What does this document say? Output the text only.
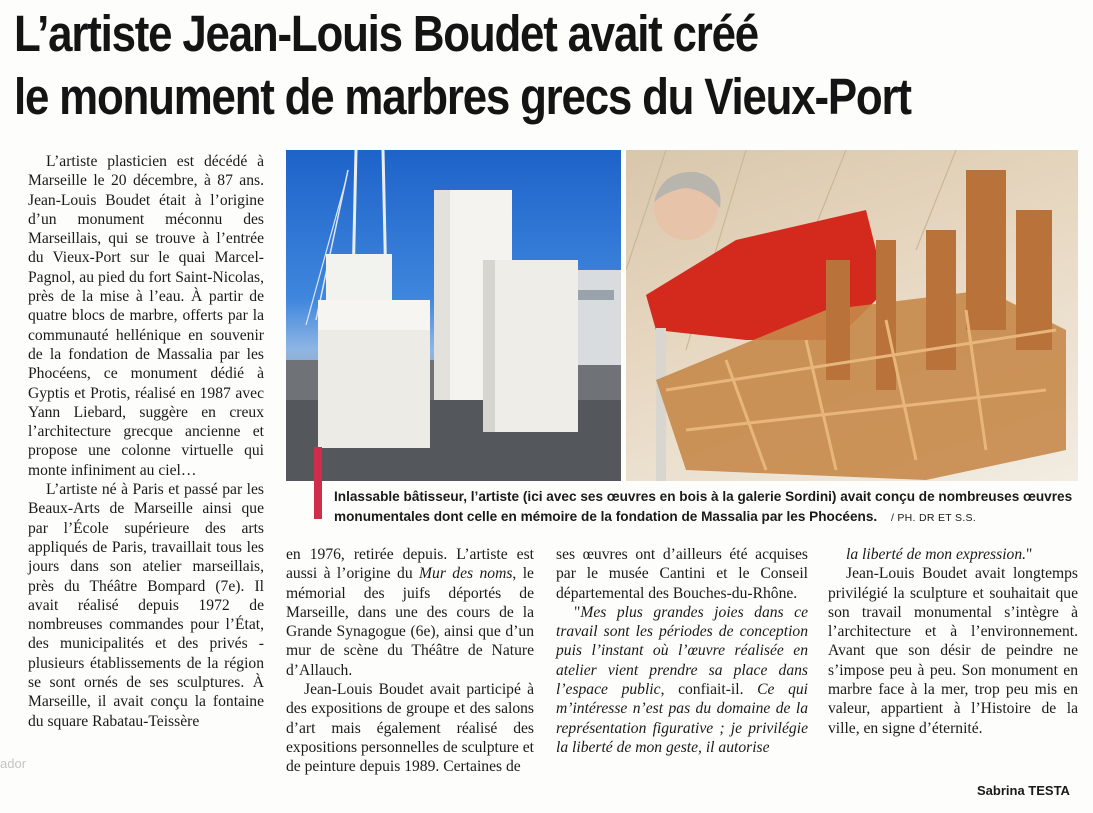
L’artiste Jean-Louis Boudet avait créé
le monument de marbres grecs du Vieux-Port

L’artiste plasticien est décédé à Marseille le 20 décembre, à 87 ans. Jean-Louis Boudet était à l’origine d’un monument méconnu des Marseillais, qui se trouve à l’entrée du Vieux-Port sur le quai Marcel-Pagnol, au pied du fort Saint-Nicolas, près de la mise à l’eau. À partir de quatre blocs de marbre, offerts par la communauté hellénique en souvenir de la fondation de Massalia par les Phocéens, ce monument dédié à Gyptis et Protis, réalisé en 1987 avec Yann Liebard, suggère en creux l’architecture grecque ancienne et propose une colonne virtuelle qui monte infiniment au ciel…

L’artiste né à Paris et passé par les Beaux-Arts de Marseille ainsi que par l’École supérieure des arts appliqués de Paris, travaillait tous les jours dans son atelier marseillais, près du Théâtre Bompard (7e). Il avait réalisé depuis 1972 de nombreuses commandes pour l’État, des municipalités et des privés - plusieurs établissements de la région se sont ornés de ses sculptures. À Marseille, il avait conçu la fontaine du square Rabatau-Teissère

Inlassable bâtisseur, l’artiste (ici avec ses œuvres en bois à la galerie Sordini) avait conçu de nombreuses œuvres monumentales dont celle en mémoire de la fondation de Massalia par les Phocéens. / PH. DR ET S.S.

en 1976, retirée depuis. L’artiste est aussi à l’origine du Mur des noms, le mémorial des juifs déportés de Marseille, dans une des cours de la Grande Synagogue (6e), ainsi que d’un mur de scène du Théâtre de Nature d’Allauch.

Jean-Louis Boudet avait participé à des expositions de groupe et des salons d’art mais également réalisé des expositions personnelles de sculpture et de peinture depuis 1989. Certaines de

ses œuvres ont d’ailleurs été acquises par le musée Cantini et le Conseil départemental des Bouches-du-Rhône.

"Mes plus grandes joies dans ce travail sont les périodes de conception puis l’instant où l’œuvre réalisée en atelier vient prendre sa place dans l’espace public, confiait-il. Ce qui m’intéresse n’est pas du domaine de la représentation figurative ; je privilégie la liberté de mon geste, il autorise

la liberté de mon expression."

Jean-Louis Boudet avait longtemps privilégié la sculpture et souhaitait que son travail monumental s’intègre à l’architecture et à l’environnement. Avant que son désir de peindre ne s’impose peu à peu. Son monument en marbre face à la mer, trop peu mis en valeur, appartient à l’Histoire de la ville, en signe d’éternité.

Sabrina TESTA
ador
